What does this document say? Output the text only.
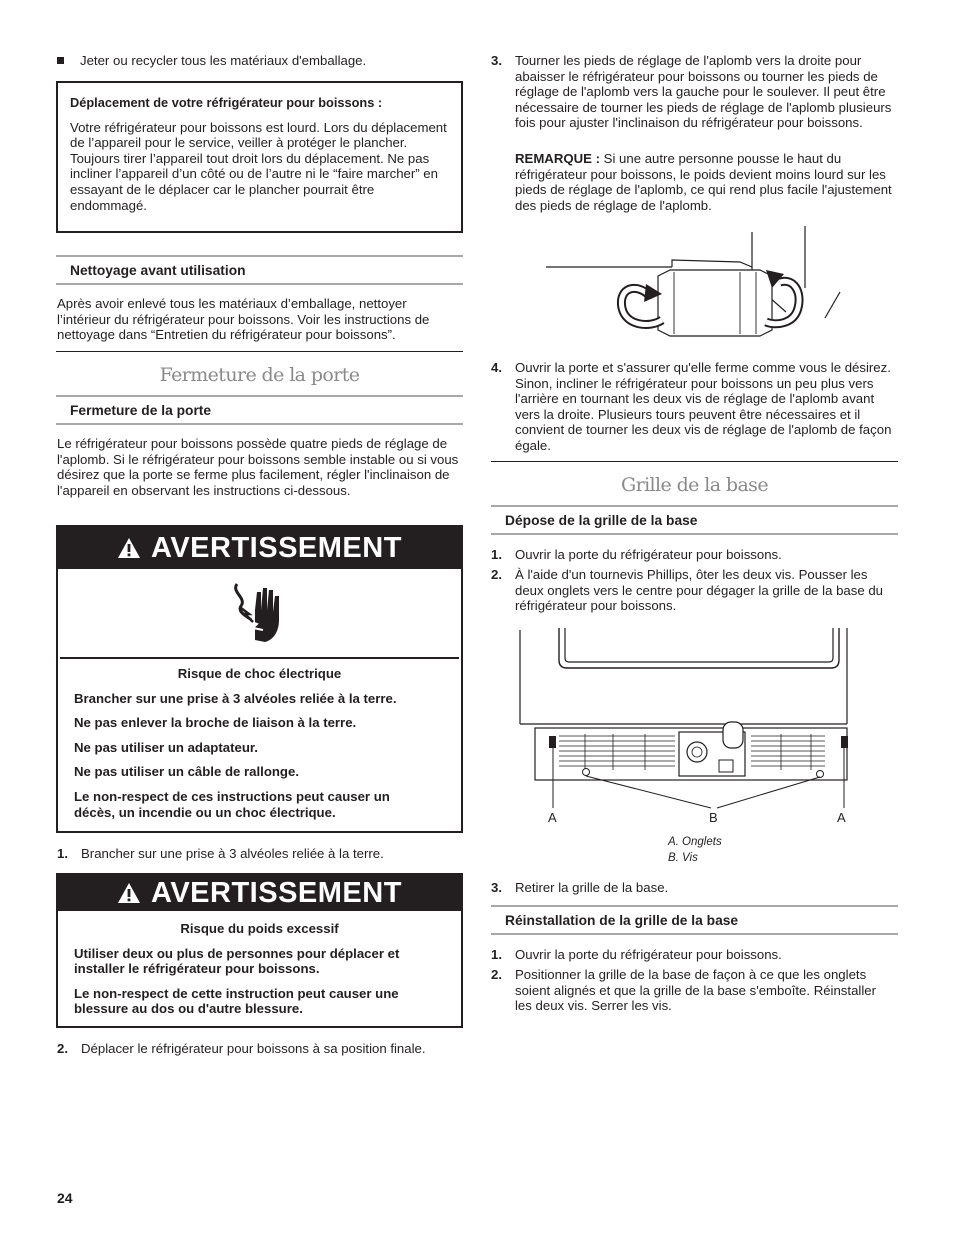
Jeter ou recycler tous les matériaux d'emballage.

Déplacement de votre réfrigérateur pour boissons :

Votre réfrigérateur pour boissons est lourd. Lors du déplacement de l’appareil pour le service, veiller à protéger le plancher. Toujours tirer l’appareil tout droit lors du déplacement. Ne pas incliner l’appareil d’un côté ou de l’autre ni le “faire marcher” en essayant de le déplacer car le plancher pourrait être endommagé.

Nettoyage avant utilisation

Après avoir enlevé tous les matériaux d’emballage, nettoyer l’intérieur du réfrigérateur pour boissons. Voir les instructions de nettoyage dans “Entretien du réfrigérateur pour boissons”.

Fermeture de la porte
Fermeture de la porte

Le réfrigérateur pour boissons possède quatre pieds de réglage de l'aplomb. Si le réfrigérateur pour boissons semble instable ou si vous désirez que la porte se ferme plus facilement, régler l'inclinaison de l'appareil en observant les instructions ci-dessous.

AVERTISSEMENT

Risque de choc électrique

Brancher sur une prise à 3 alvéoles reliée à la terre.

Ne pas enlever la broche de liaison à la terre.

Ne pas utiliser un adaptateur.

Ne pas utiliser un câble de rallonge.

Le non-respect de ces instructions peut causer un décès, un incendie ou un choc électrique.

1. Brancher sur une prise à 3 alvéoles reliée à la terre.
AVERTISSEMENT

Risque du poids excessif

Utiliser deux ou plus de personnes pour déplacer et installer le réfrigérateur pour boissons.

Le non-respect de cette instruction peut causer une blessure au dos ou d'autre blessure.

2. Déplacer le réfrigérateur pour boissons à sa position finale.
3. Tourner les pieds de réglage de l'aplomb vers la droite pour abaisser le réfrigérateur pour boissons ou tourner les pieds de réglage de l'aplomb vers la gauche pour le soulever. Il peut être nécessaire de tourner les pieds de réglage de l'aplomb plusieurs fois pour ajuster l'inclinaison du réfrigérateur pour boissons.

REMARQUE : Si une autre personne pousse le haut du réfrigérateur pour boissons, le poids devient moins lourd sur les pieds de réglage de l'aplomb, ce qui rend plus facile l'ajustement des pieds de réglage de l'aplomb.

4. Ouvrir la porte et s'assurer qu'elle ferme comme vous le désirez. Sinon, incliner le réfrigérateur pour boissons un peu plus vers l'arrière en tournant les deux vis de réglage de l'aplomb avant vers la droite. Plusieurs tours peuvent être nécessaires et il convient de tourner les deux vis de réglage de l'aplomb de façon égale.
Grille de la base
Dépose de la grille de la base
1. Ouvrir la porte du réfrigérateur pour boissons.
2. À l'aide d'un tournevis Phillips, ôter les deux vis. Pousser les deux onglets vers le centre pour dégager la grille de la base du réfrigérateur pour boissons.
A	B	A
A. Onglets
B. Vis
3. Retirer la grille de la base.
Réinstallation de la grille de la base
1. Ouvrir la porte du réfrigérateur pour boissons.
2. Positionner la grille de la base de façon à ce que les onglets soient alignés et que la grille de la base s'emboîte. Réinstaller les deux vis. Serrer les vis.
24
